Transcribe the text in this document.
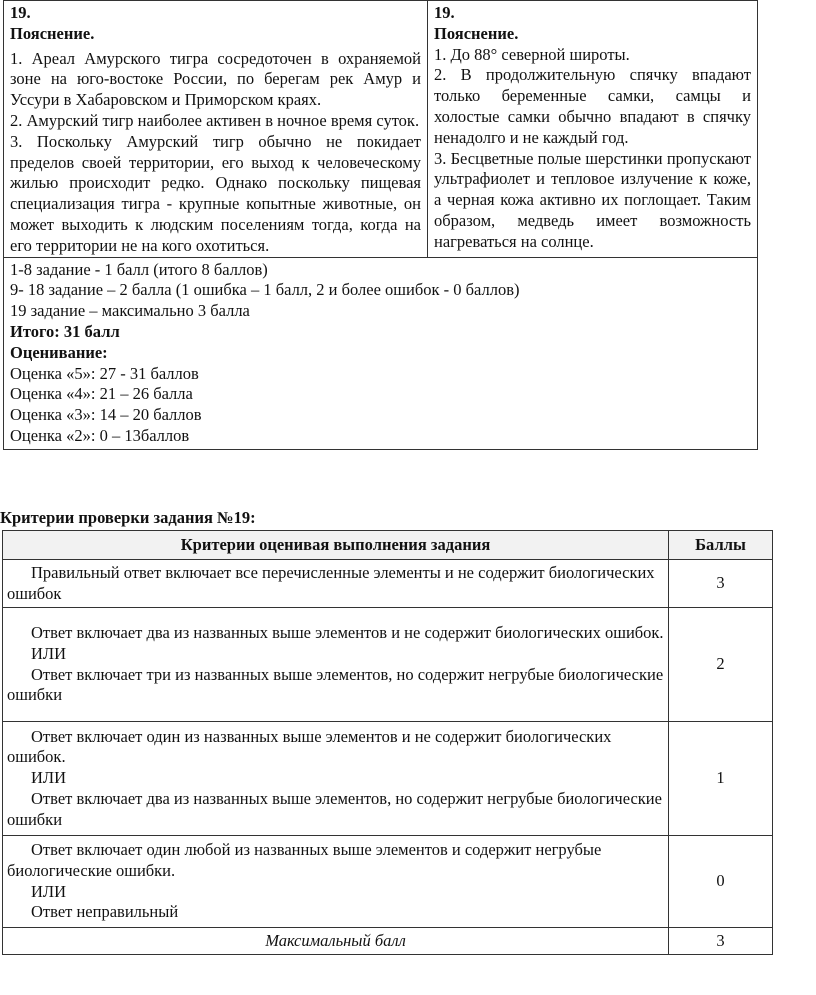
19.
Пояснение.

1. Ареал Амурского тигра сосредоточен в охраняемой зоне на юго-востоке России, по берегам рек Амур и Уссури в Хабаровском и Приморском краях.

2. Амурский тигр наиболее активен в ночное время суток.

3. Поскольку Амурский тигр обычно не покидает пределов своей территории, его выход к человеческому жилью происходит редко. Однако поскольку пищевая специализация тигра - крупные копытные животные, он может выходить к людским поселениям тогда, когда на его территории не на кого охотиться.

19.
Пояснение.

1. До 88° северной широты.

2. В продолжительную спячку впадают только беременные самки, самцы и холостые самки обычно впадают в спячку ненадолго и не каждый год.

3. Бесцветные полые шерстинки пропускают ультрафиолет и тепловое излучение к коже, а черная кожа активно их поглощает. Таким образом, медведь имеет возможность нагреваться на солнце.

1-8 задание - 1 балл (итого 8 баллов)
9- 18 задание – 2 балла (1 ошибка – 1 балл, 2 и более ошибок - 0 баллов)
19 задание – максимально 3 балла
Итого: 31 балл
Оценивание:
Оценка «5»: 27 - 31 баллов
Оценка «4»: 21 – 26 балла
Оценка «3»: 14 – 20 баллов
Оценка «2»: 0 – 13баллов
Критерии проверки задания №19:
Критерии оценивая выполнения задания	Баллы

Правильный ответ включает все перечисленные элементы и не содержит биологических ошибок	3

Ответ включает два из названных выше элементов и не содержит биологических ошибок.

ИЛИ

Ответ включает три из названных выше элементов, но содержит негрубые биологические ошибки	2

Ответ включает один из названных выше элементов и не содержит биологических ошибок.

ИЛИ

Ответ включает два из названных выше элементов, но содержит негрубые биологические ошибки	1

Ответ включает один любой из названных выше элементов и содержит негрубые биологические ошибки.

ИЛИ

Ответ неправильный	0
Максимальный балл	3
